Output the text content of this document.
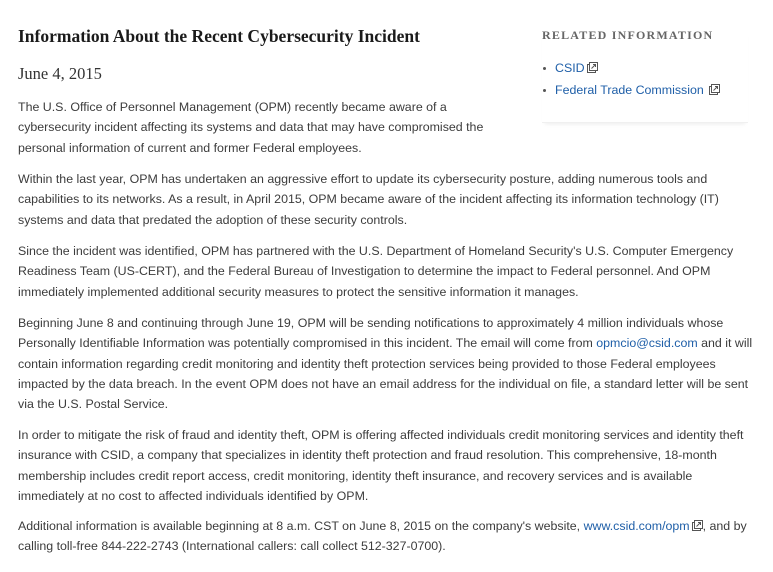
Information About the Recent Cybersecurity Incident
June 4, 2015

The U.S. Office of Personnel Management (OPM) recently became aware of a cybersecurity incident affecting its systems and data that may have compromised the personal information of current and former Federal employees.

Within the last year, OPM has undertaken an aggressive effort to update its cybersecurity posture, adding numerous tools and capabilities to its networks. As a result, in April 2015, OPM became aware of the incident affecting its information technology (IT) systems and data that predated the adoption of these security controls.

Since the incident was identified, OPM has partnered with the U.S. Department of Homeland Security's U.S. Computer Emergency Readiness Team (US-CERT), and the Federal Bureau of Investigation to determine the impact to Federal personnel. And OPM immediately implemented additional security measures to protect the sensitive information it manages.

Beginning June 8 and continuing through June 19, OPM will be sending notifications to approximately 4 million individuals whose Personally Identifiable Information was potentially compromised in this incident. The email will come from opmcio@csid.com and it will contain information regarding credit monitoring and identity theft protection services being provided to those Federal employees impacted by the data breach. In the event OPM does not have an email address for the individual on file, a standard letter will be sent via the U.S. Postal Service.

In order to mitigate the risk of fraud and identity theft, OPM is offering affected individuals credit monitoring services and identity theft insurance with CSID, a company that specializes in identity theft protection and fraud resolution. This comprehensive, 18-month membership includes credit report access, credit monitoring, identity theft insurance, and recovery services and is available immediately at no cost to affected individuals identified by OPM.

Additional information is available beginning at 8 a.m. CST on June 8, 2015 on the company's website, www.csid.com/opm , and by calling toll-free 844-222-2743 (International callers: call collect 512-327-0700).

RELATED INFORMATION
CSID
Federal Trade Commission
